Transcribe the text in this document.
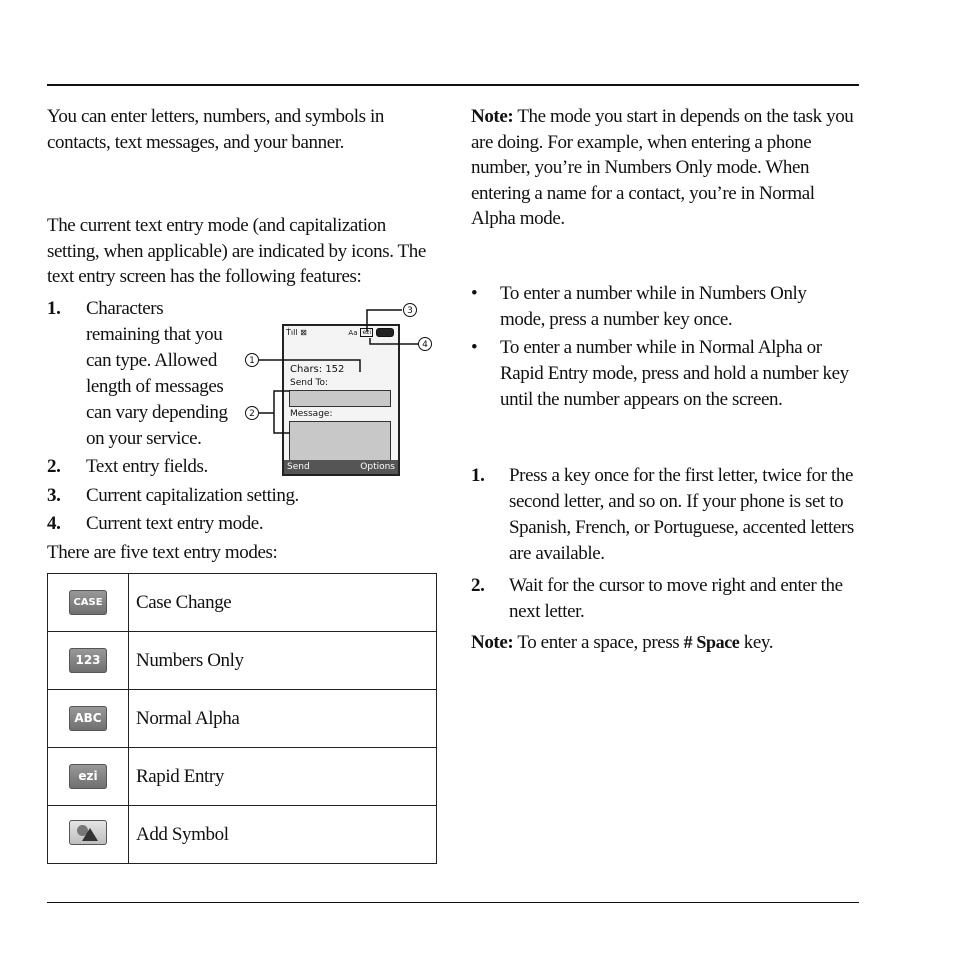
You can enter letters, numbers, and symbols in contacts, text messages, and your banner.
The current text entry mode (and capitalization setting, when applicable) are indicated by icons. The text entry screen has the following features:
1. Characters
remaining that you
can type. Allowed
length of messages
can vary depending
on your service.
2. Text entry fields.
3. Current capitalization setting.
4. Current text entry mode.
There are five text entry modes:
Ṫıll ⊠	Aa ezi
Chars: 152
Send To:
Message:
Send	Options
1
2
3
4
CASE	Case Change
123	Numbers Only
ABC	Normal Alpha
ezi	Rapid Entry

	Add Symbol
Note: The mode you start in depends on the task you are doing. For example, when entering a phone number, you’re in Numbers Only mode. When entering a name for a contact, you’re in Normal Alpha mode.
• To enter a number while in Numbers Only mode, press a number key once.
• To enter a number while in Normal Alpha or Rapid Entry mode, press and hold a number key until the number appears on the screen.
1. Press a key once for the first letter, twice for the second letter, and so on. If your phone is set to Spanish, French, or Portuguese, accented letters are available.
2. Wait for the cursor to move right and enter the next letter.
Note: To enter a space, press # Space key.
